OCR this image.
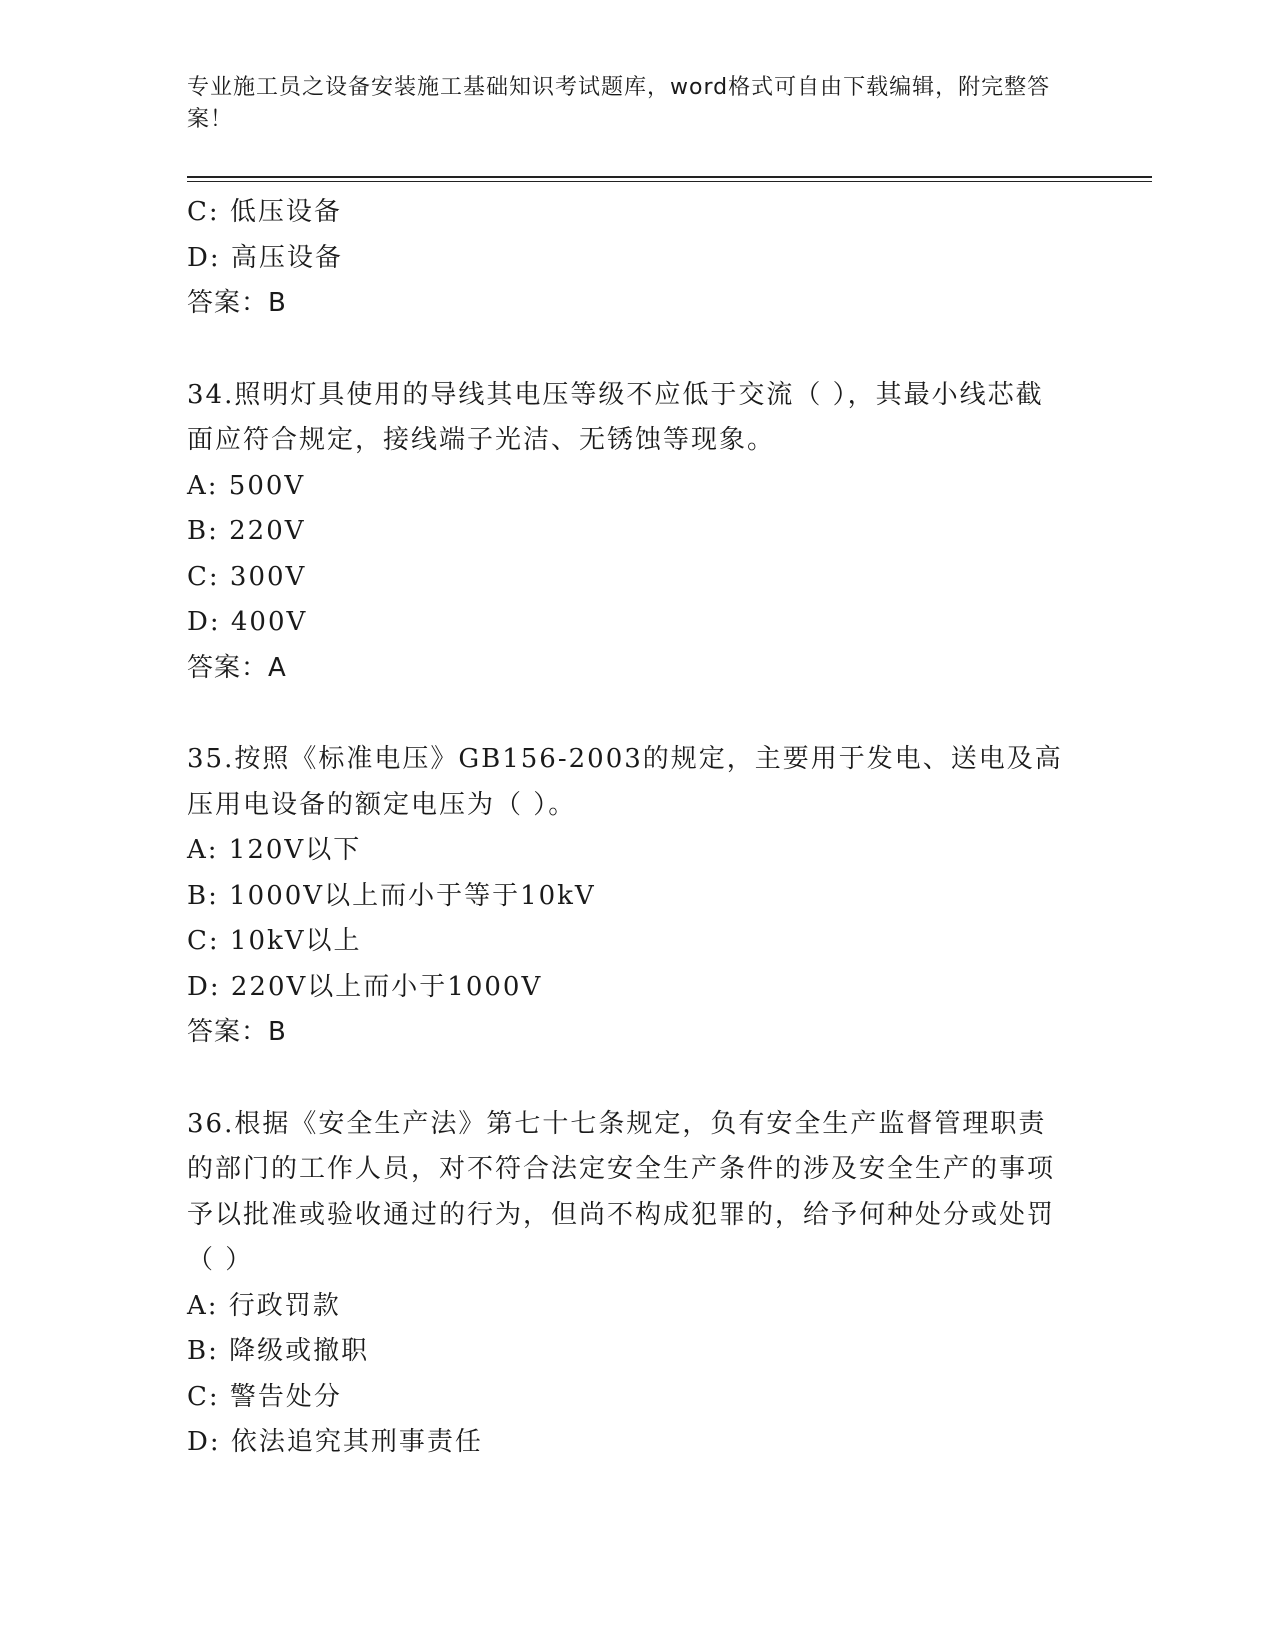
专业施工员之设备安装施工基础知识考试题库，word格式可自由下载编辑，附完整答案！
C: 低压设备
D: 高压设备
答案：B
34.照明灯具使用的导线其电压等级不应低于交流（ ），其最小线芯截面应符合规定，接线端子光洁、无锈蚀等现象。
A: 500V
B: 220V
C: 300V
D: 400V
答案：A
35.按照《标准电压》GB156-2003的规定，主要用于发电、送电及高压用电设备的额定电压为（ ）。
A: 120V以下
B: 1000V以上而小于等于10kV
C: 10kV以上
D: 220V以上而小于1000V
答案：B
36.根据《安全生产法》第七十七条规定，负有安全生产监督管理职责的部门的工作人员，对不符合法定安全生产条件的涉及安全生产的事项予以批准或验收通过的行为，但尚不构成犯罪的，给予何种处分或处罚（ ）
A: 行政罚款
B: 降级或撤职
C: 警告处分
D: 依法追究其刑事责任
